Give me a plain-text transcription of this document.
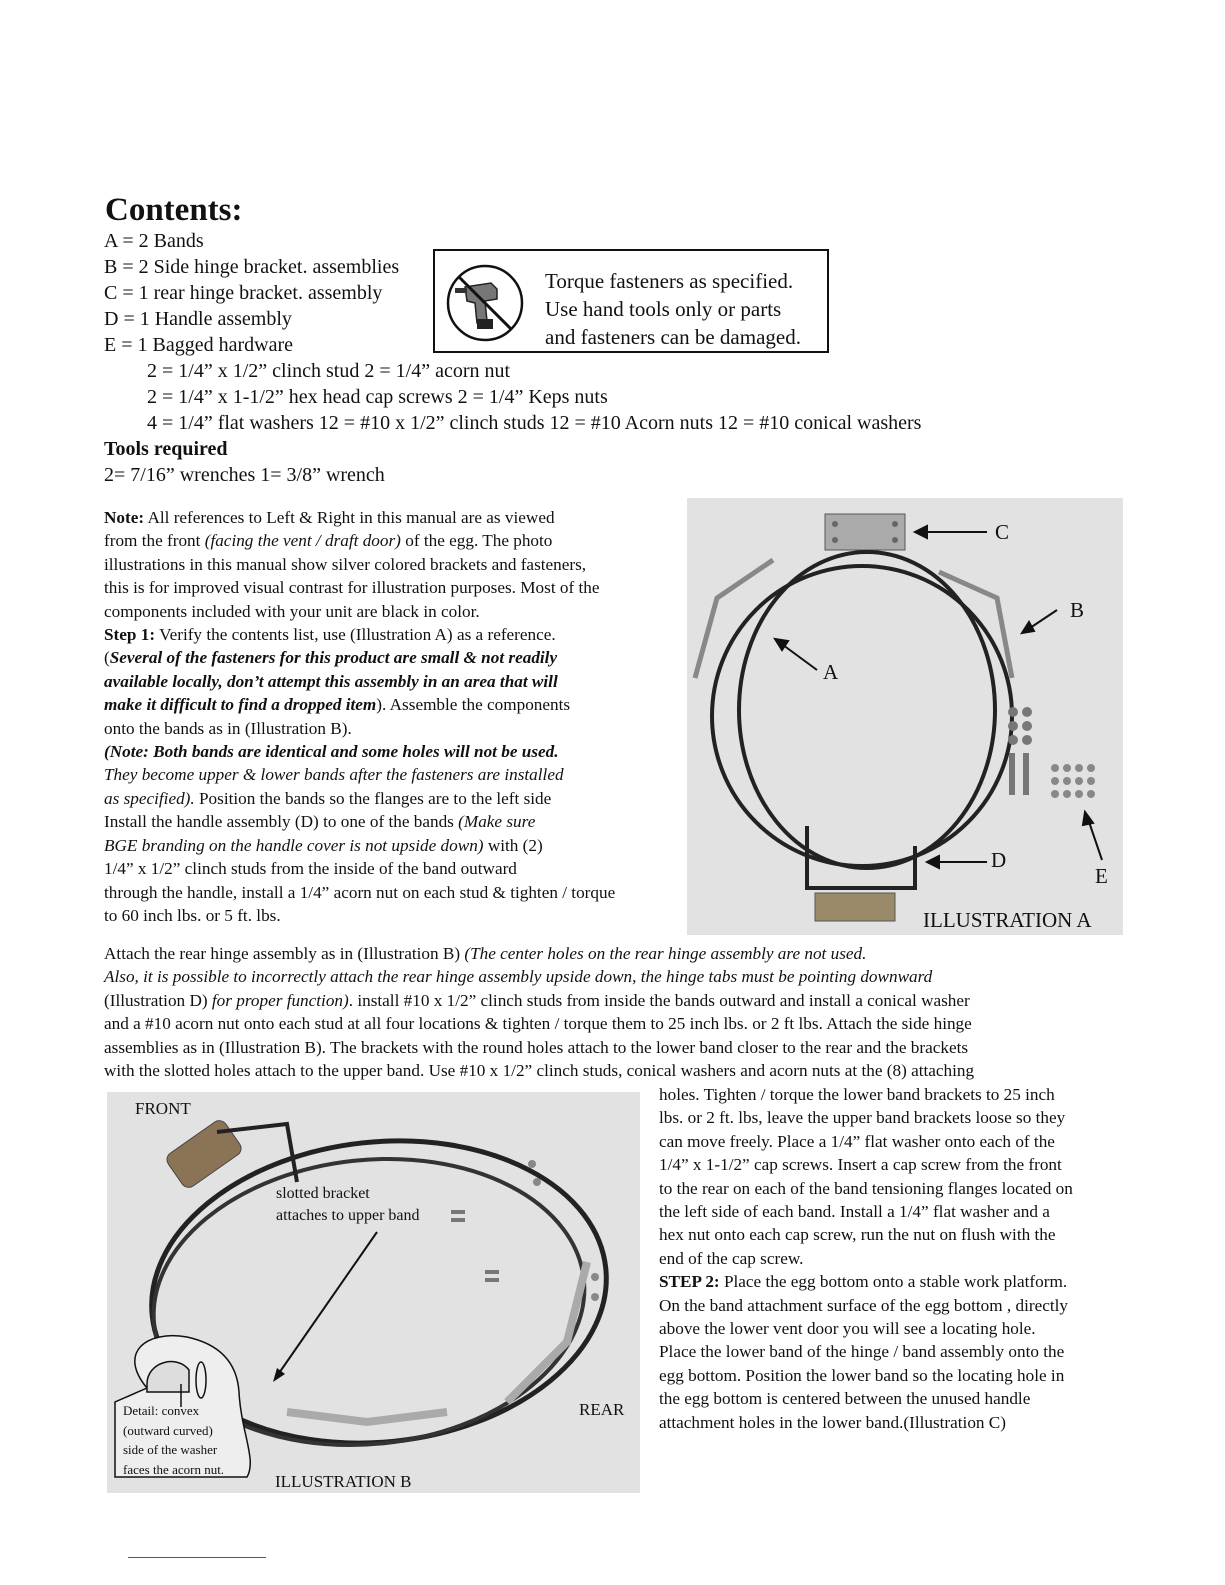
Contents:
A = 2 Bands
B = 2 Side hinge bracket. assemblies
C = 1 rear hinge bracket. assembly
D = 1 Handle assembly
E = 1 Bagged hardware
2 = 1/4” x 1/2” clinch stud 2 = 1/4” acorn nut
2 = 1/4” x 1-1/2” hex head cap screws 2 = 1/4” Keps nuts
4 = 1/4” flat washers 12 = #10 x 1/2” clinch studs 12 = #10 Acorn nuts 12 = #10 conical washers
Tools required
2= 7/16” wrenches 1= 3/8” wrench
Torque fasteners as specified.
Use hand tools only or parts
and fasteners can be damaged.
Note: All references to Left & Right in this manual are as viewed
from the front (facing the vent / draft door) of the egg. The photo
illustrations in this manual show silver colored brackets and fasteners,
this is for improved visual contrast for illustration purposes. Most of the
components included with your unit are black in color.
Step 1: Verify the contents list, use (Illustration A) as a reference.
(Several of the fasteners for this product are small & not readily
available locally, don’t attempt this assembly in an area that will
make it difficult to find a dropped item). Assemble the components
onto the bands as in (Illustration B).
(Note: Both bands are identical and some holes will not be used.
They become upper & lower bands after the fasteners are installed
as specified). Position the bands so the flanges are to the left side
Install the handle assembly (D) to one of the bands (Make sure
BGE branding on the handle cover is not upside down) with (2)
1/4” x 1/2” clinch studs from the inside of the band outward
through the handle, install a 1/4” acorn nut on each stud & tighten / torque
to 60 inch lbs. or 5 ft. lbs.
C
B
A
D
E
ILLUSTRATION A
Attach the rear hinge assembly as in (Illustration B) (The center holes on the rear hinge assembly are not used.
Also, it is possible to incorrectly attach the rear hinge assembly upside down, the hinge tabs must be pointing downward
(Illustration D) for proper function). install #10 x 1/2” clinch studs from inside the bands outward and install a conical washer
and a #10 acorn nut onto each stud at all four locations & tighten / torque them to 25 inch lbs. or 2 ft lbs. Attach the side hinge
assemblies as in (Illustration B). The brackets with the round holes attach to the lower band closer to the rear and the brackets
with the slotted holes attach to the upper band. Use #10 x 1/2” clinch studs, conical washers and acorn nuts at the (8) attaching
holes. Tighten / torque the lower band brackets to 25 inch
lbs. or 2 ft. lbs, leave the upper band brackets loose so they
can move freely. Place a 1/4” flat washer onto each of the
1/4” x 1-1/2” cap screws. Insert a cap screw from the front
to the rear on each of the band tensioning flanges located on
the left side of each band. Install a 1/4” flat washer and a
hex nut onto each cap screw, run the nut on flush with the
end of the cap screw.
STEP 2: Place the egg bottom onto a stable work platform.
On the band attachment surface of the egg bottom , directly
above the lower vent door you will see a locating hole.
Place the lower band of the hinge / band assembly onto the
egg bottom. Position the lower band so the locating hole in
the egg bottom is centered between the unused handle
attachment holes in the lower band.(Illustration C)
FRONT
slotted bracket
attaches to upper band
REAR
Detail: convex
(outward curved)
side of the washer
faces the acorn nut.
ILLUSTRATION B
